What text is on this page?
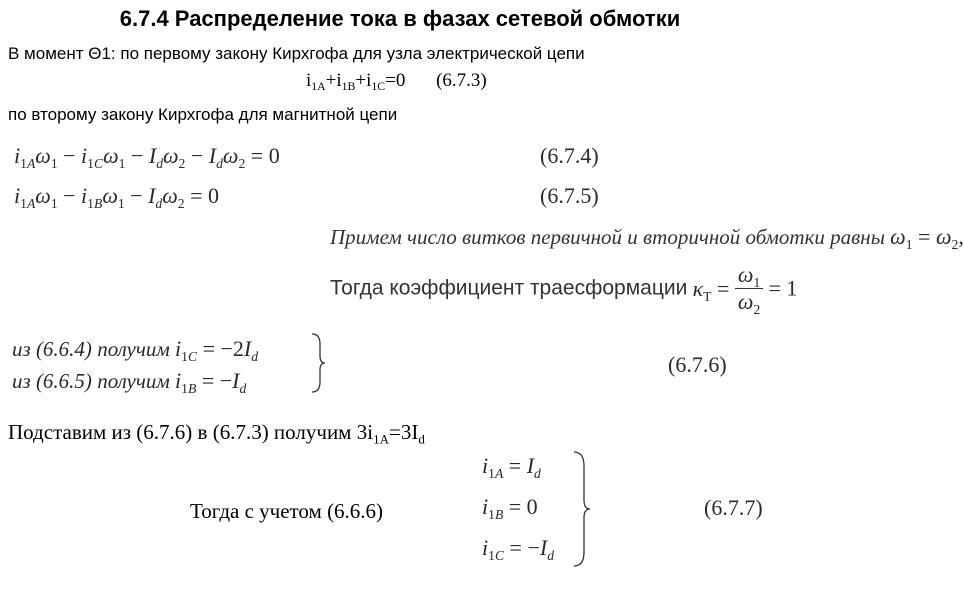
6.7.4 Распределение тока в фазах сетевой обмотки
В момент Θ1: по первому закону Кирхгофа для узла электрической цепи
$i_{1A}+i_{1B}+i_{1C}=0$ (6.7.3)
по второму закону Кирхгофа для магнитной цепи
$i_{1A}\omega_1 - i_{1C}\omega_1 - I_d\omega_2 - I_d\omega_2 = 0$	(6.7.4)
$i_{1A}\omega_1 - i_{1B}\omega_1 - I_d\omega_2 = 0$	(6.7.5)
Примем число витков первичной и вторичной обмотки равны $\omega_1 = \omega_2$,
Тогда коэффициент траесформации $\kappa_T = \frac{\omega_1}{\omega_2} = 1$
из (6.6.4) получим $i_{1C} = -2I_d$
из (6.6.5) получим $i_{1B} = -I_d$
(6.7.6)
Подставим из (6.7.6) в (6.7.3) получим $3i_{1A}=3I_d$
$i_{1A} = I_d$
Тогда с учетом (6.6.6)	$i_{1B} = 0$
$i_{1C} = -I_d$
(6.7.7)
